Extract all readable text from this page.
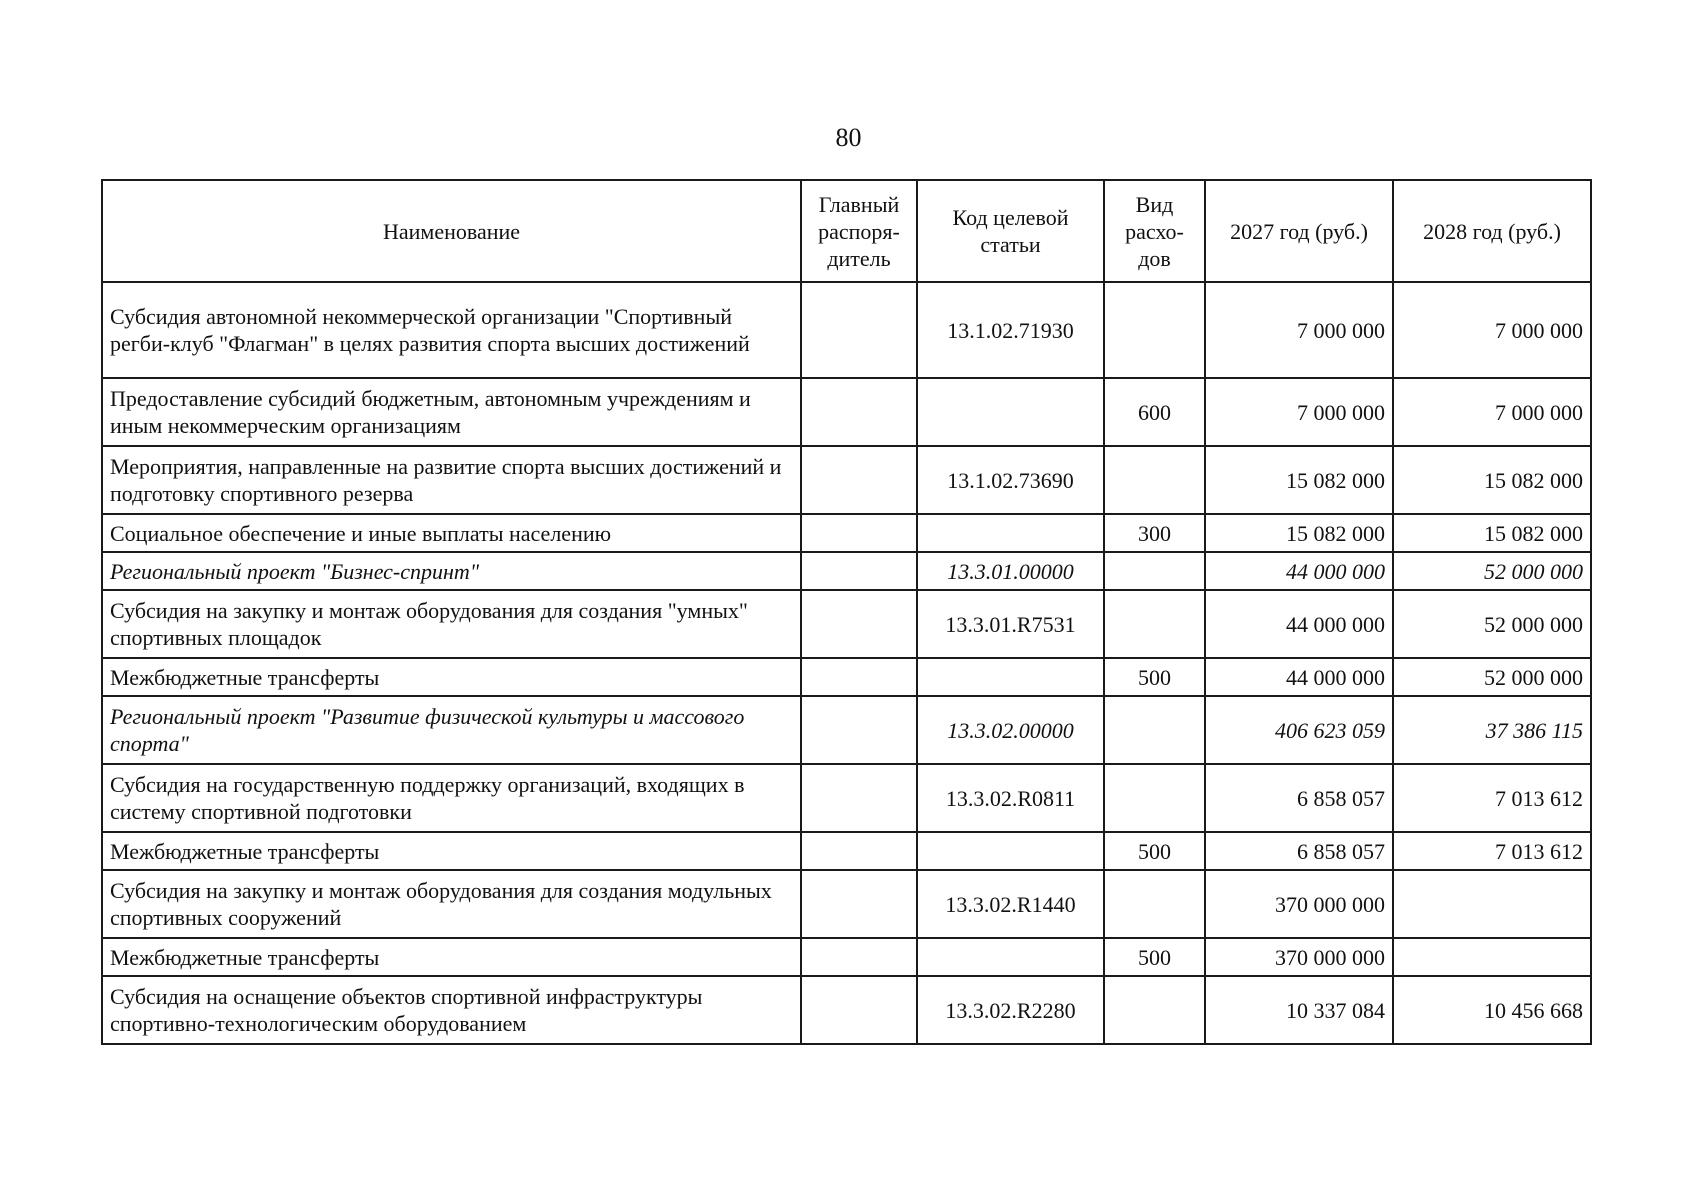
80
Наименование	Главный распоря-дитель	Код целевой статьи	Вид расхо-дов	2027 год (руб.)	2028 год (руб.)
Субсидия автономной некоммерческой организации "Спортивный регби-клуб "Флагман" в целях развития спорта высших достижений		13.1.02.71930		7 000 000	7 000 000
Предоставление субсидий бюджетным, автономным учреждениям и иным некоммерческим организациям			600	7 000 000	7 000 000
Мероприятия, направленные на развитие спорта высших достижений и подготовку спортивного резерва		13.1.02.73690		15 082 000	15 082 000
Социальное обеспечение и иные выплаты населению			300	15 082 000	15 082 000
Региональный проект "Бизнес-спринт"		13.3.01.00000		44 000 000	52 000 000
Субсидия на закупку и монтаж оборудования для создания "умных" спортивных площадок		13.3.01.R7531		44 000 000	52 000 000
Межбюджетные трансферты			500	44 000 000	52 000 000
Региональный проект "Развитие физической культуры и массового спорта"		13.3.02.00000		406 623 059	37 386 115
Субсидия на государственную поддержку организаций, входящих в систему спортивной подготовки		13.3.02.R0811		6 858 057	7 013 612
Межбюджетные трансферты			500	6 858 057	7 013 612
Субсидия на закупку и монтаж оборудования для создания модульных спортивных сооружений		13.3.02.R1440		370 000 000	
Межбюджетные трансферты			500	370 000 000	
Субсидия на оснащение объектов спортивной инфраструктуры спортивно-технологическим оборудованием		13.3.02.R2280		10 337 084	10 456 668
